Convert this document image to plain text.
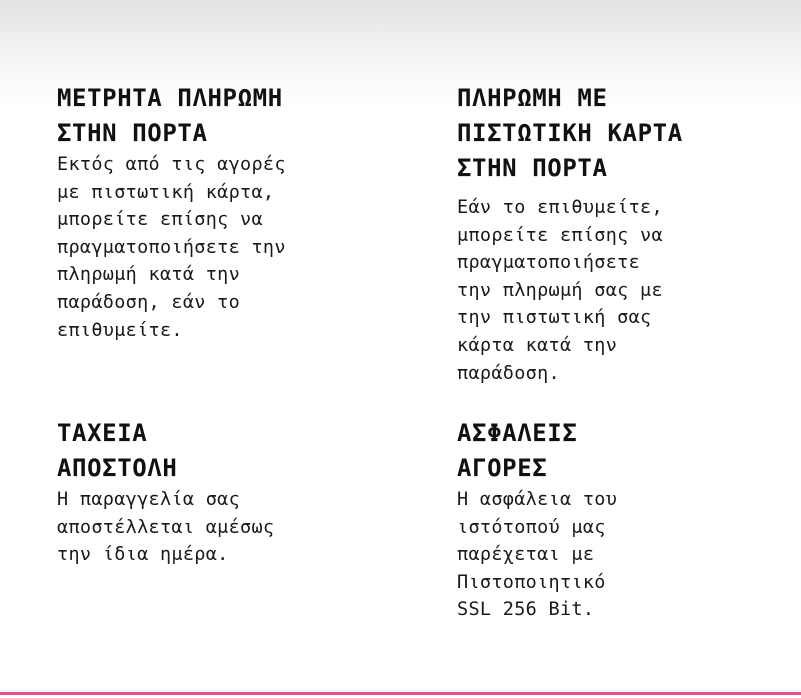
ΜΕΤΡΗΤΑ ΠΛΗΡΩΜΗ
ΣΤΗΝ ΠΟΡΤΑ

Εκτός από τις αγορές
με πιστωτική κάρτα,
μπορείτε επίσης να
πραγματοποιήσετε την
πληρωμή κατά την
παράδοση, εάν το
επιθυμείτε.

ΠΛΗΡΩΜΗ ΜΕ
ΠΙΣΤΩΤΙΚΗ ΚΑΡΤΑ
ΣΤΗΝ ΠΟΡΤΑ

Εάν το επιθυμείτε,
μπορείτε επίσης να
πραγματοποιήσετε
την πληρωμή σας με
την πιστωτική σας
κάρτα κατά την
παράδοση.

ΤΑΧΕΙΑ
ΑΠΟΣΤΟΛΗ

Η παραγγελία σας
αποστέλλεται αμέσως
την ίδια ημέρα.

ΑΣΦΑΛΕΙΣ
ΑΓΟΡΕΣ

Η ασφάλεια του
ιστότοπού μας
παρέχεται με
Πιστοποιητικό
SSL 256 Bit.
